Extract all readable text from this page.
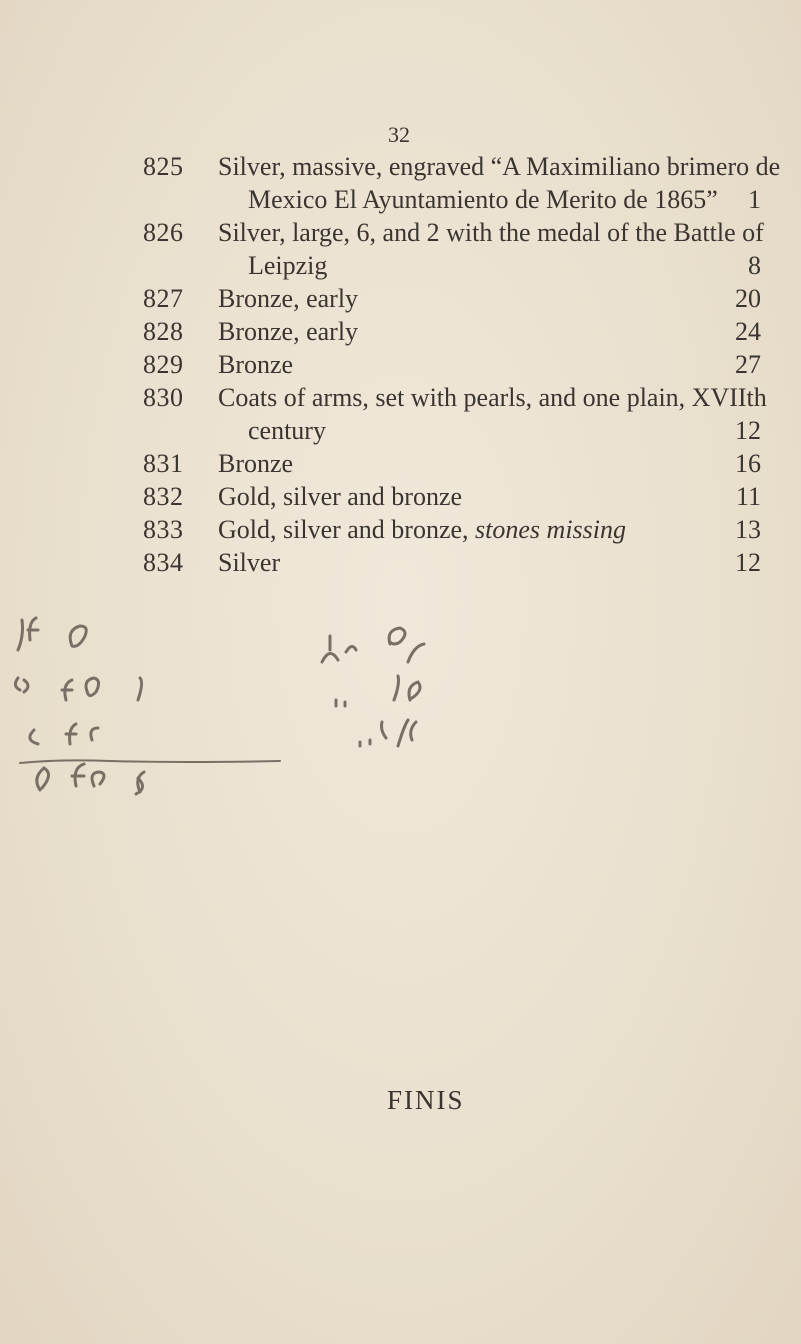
32
825	Silver, massive, engraved “A Maximiliano brimero de
Mexico El Ayuntamiento de Merito de 1865”	1
826	Silver, large, 6, and 2 with the medal of the Battle of
Leipzig	8
827	Bronze, early	20
828	Bronze, early	24
829	Bronze	27
830	Coats of arms, set with pearls, and one plain, XVIIth
century	12
831	Bronze	16
832	Gold, silver and bronze	11
833	Gold, silver and bronze, stones missing	13
834	Silver	12
FINIS
